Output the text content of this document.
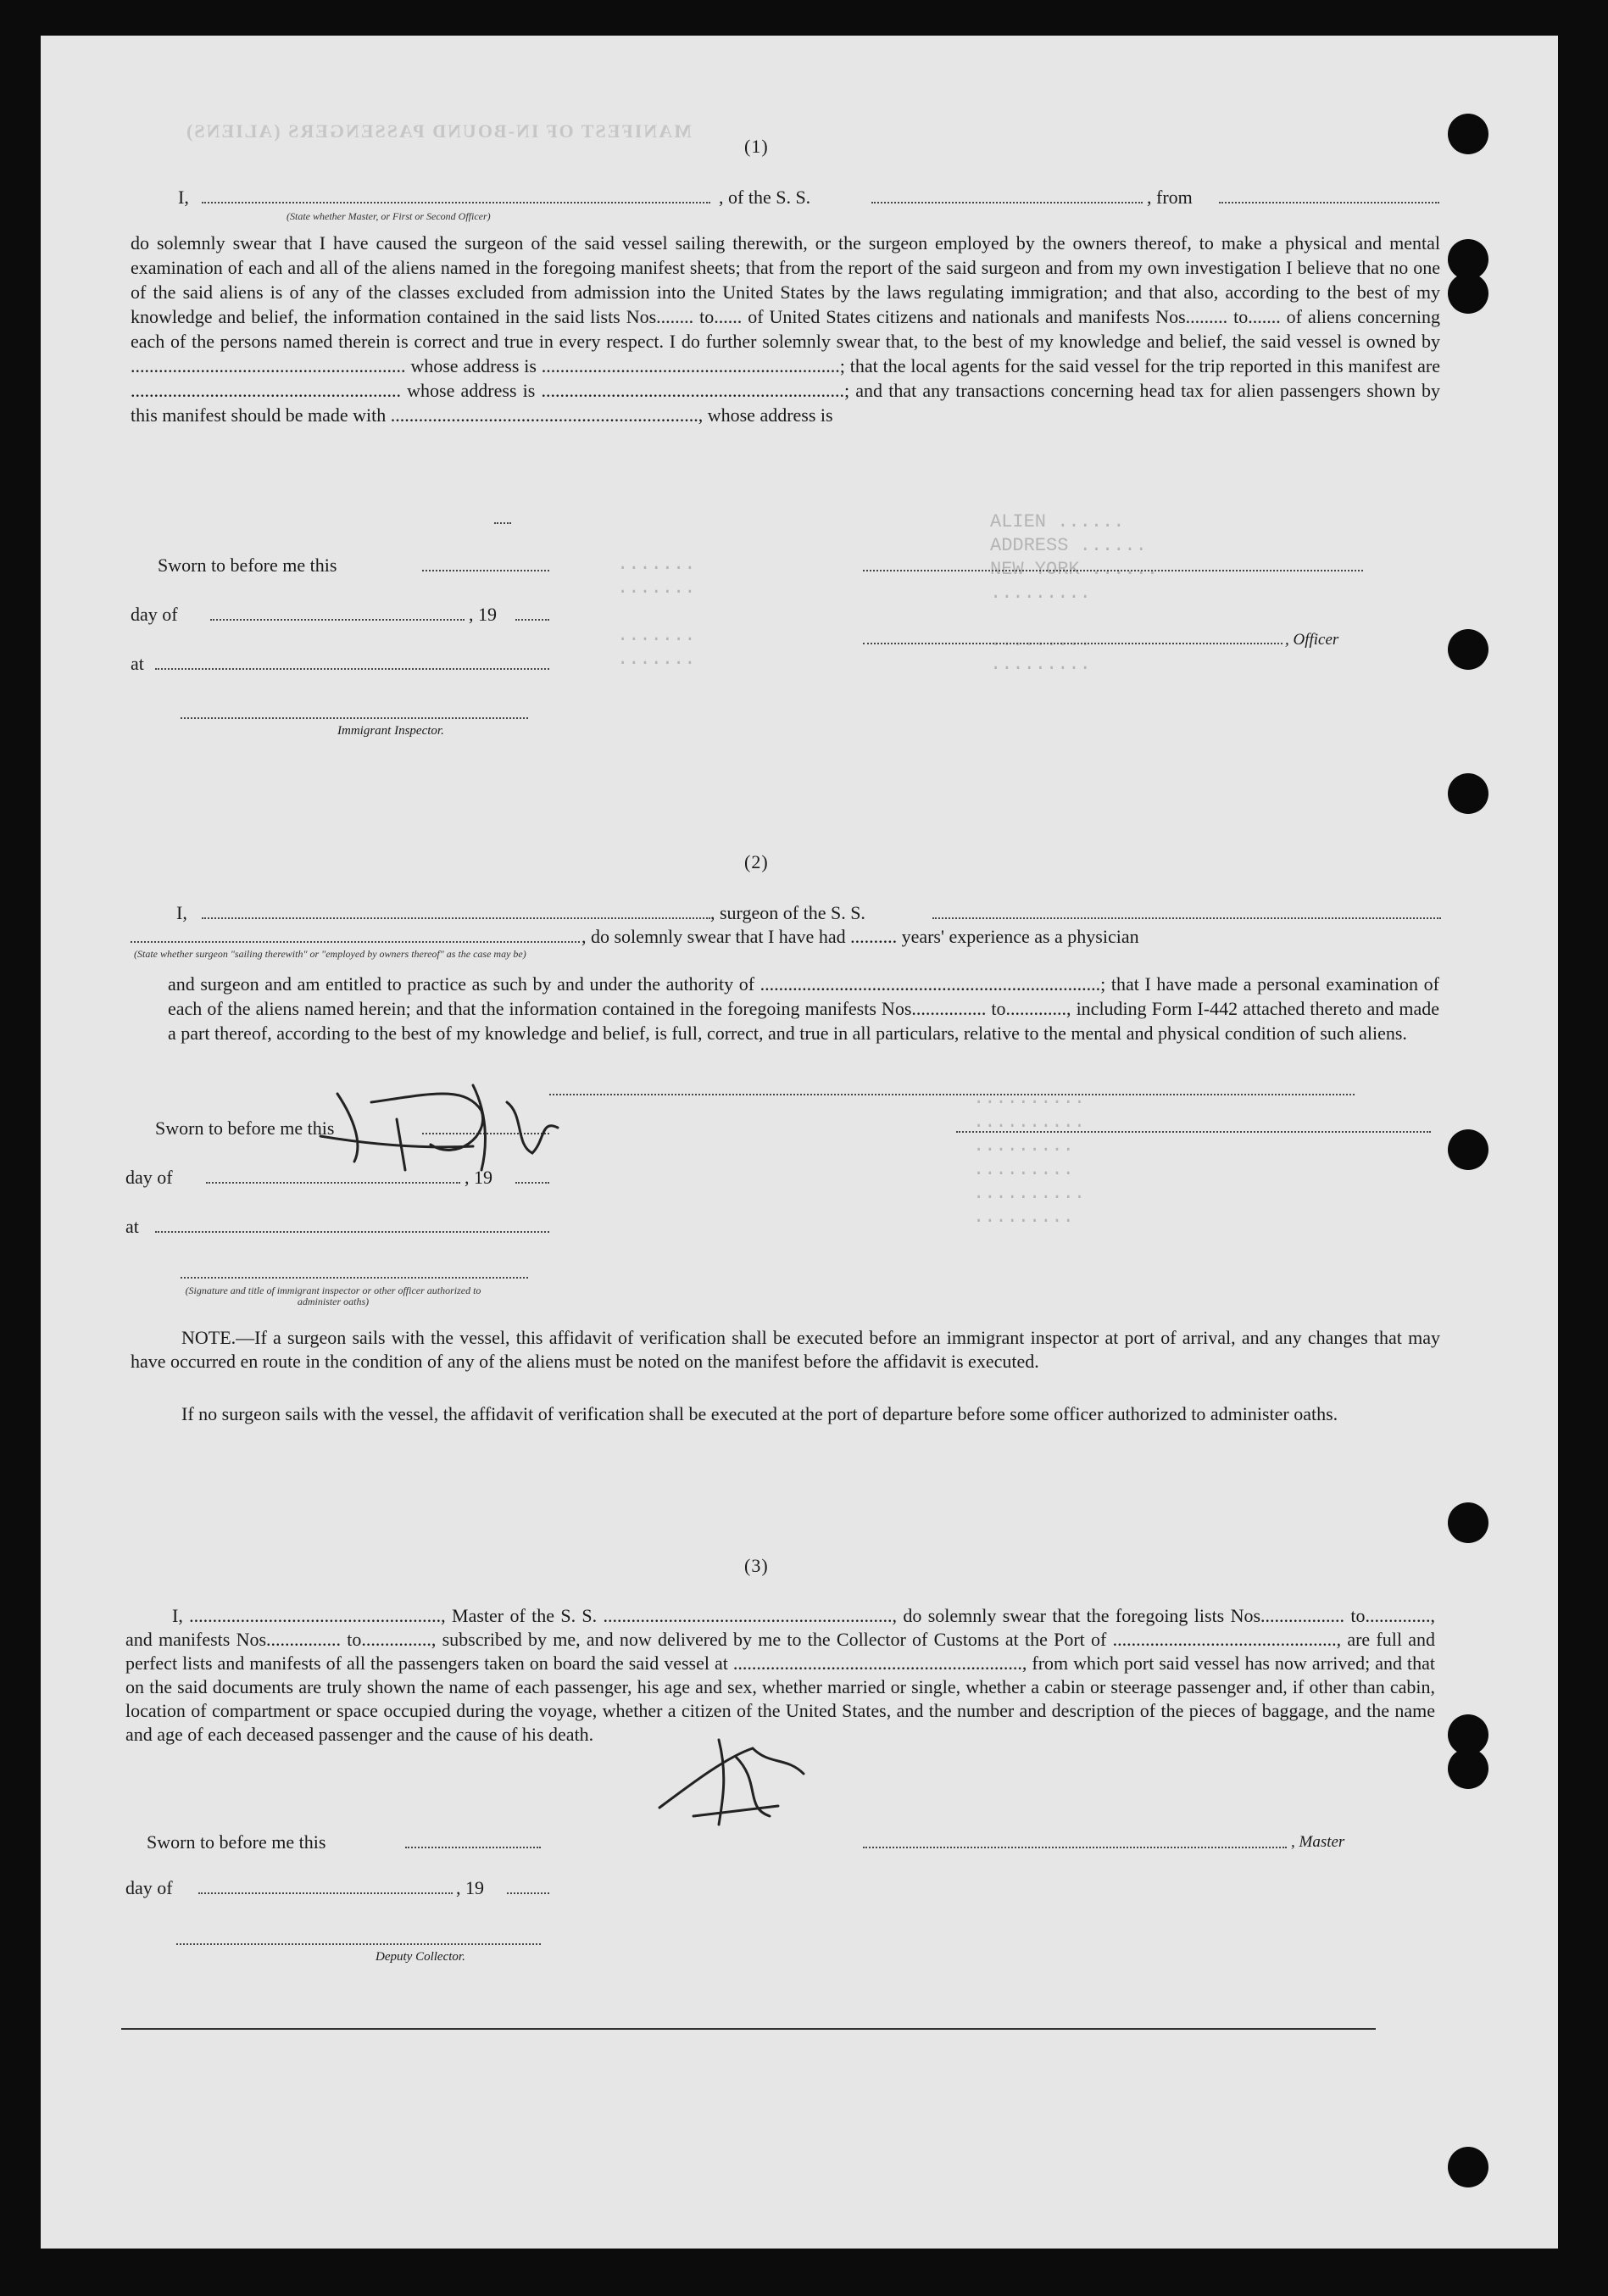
MANIFEST OF IN-BOUND PASSENGERS (ALIENS)
ALIEN ......
ADDRESS ......
NEW YORK ......
.........

.........
.........
..........
..........
.........
.........
..........
.........
.......
.......

.......
.......
(1)
I,	, of the S. S.	, from
(State whether Master, or First or Second Officer)
do solemnly swear that I have caused the surgeon of the said vessel sailing therewith, or the surgeon employed by the owners thereof, to make a physical and mental examination of each and all of the aliens named in the foregoing manifest sheets; that from the report of the said surgeon and from my own investigation I believe that no one of the said aliens is of any of the classes excluded from admission into the United States by the laws regulating immigration; and that also, according to the best of my knowledge and belief, the information contained in the said lists Nos........ to...... of United States citizens and nationals and manifests Nos......... to....... of aliens concerning each of the persons named therein is correct and true in every respect. I do further solemnly swear that, to the best of my knowledge and belief, the said vessel is owned by ........................................................... whose address is ................................................................; that the local agents for the said vessel for the trip reported in this manifest are .......................................................... whose address is .................................................................; and that any transactions concerning head tax for alien passengers shown by this manifest should be made with .................................................................., whose address is
Sworn to before me this
day of	, 19
at
Immigrant Inspector.
, Officer
(2)
I,	, surgeon of the S. S.
, do solemnly swear that I have had .......... years' experience as a physician
(State whether surgeon "sailing therewith" or "employed by owners thereof" as the case may be)
and surgeon and am entitled to practice as such by and under the authority of .........................................................................; that I have made a personal examination of each of the aliens named herein; and that the information contained in the foregoing manifests Nos................ to............., including Form I-442 attached thereto and made a part thereof, according to the best of my knowledge and belief, is full, correct, and true in all particulars, relative to the mental and physical condition of such aliens.
Sworn to before me this
day of	, 19
at
(Signature and title of immigrant inspector or other officer authorized to administer oaths)
NOTE.—If a surgeon sails with the vessel, this affidavit of verification shall be executed before an immigrant inspector at port of arrival, and any changes that may have occurred en route in the condition of any of the aliens must be noted on the manifest before the affidavit is executed.
If no surgeon sails with the vessel, the affidavit of verification shall be executed at the port of departure before some officer authorized to administer oaths.
(3)
I, ......................................................, Master of the S. S. .............................................................., do solemnly swear that the foregoing lists Nos.................. to.............., and manifests Nos................ to..............., subscribed by me, and now delivered by me to the Collector of Customs at the Port of ................................................, are full and perfect lists and manifests of all the passengers taken on board the said vessel at .............................................................., from which port said vessel has now arrived; and that on the said documents are truly shown the name of each passenger, his age and sex, whether married or single, whether a cabin or steerage passenger and, if other than cabin, location of compartment or space occupied during the voyage, whether a citizen of the United States, and the number and description of the pieces of baggage, and the name and age of each deceased passenger and the cause of his death.
Sworn to before me this	, Master
day of	, 19
Deputy Collector.
